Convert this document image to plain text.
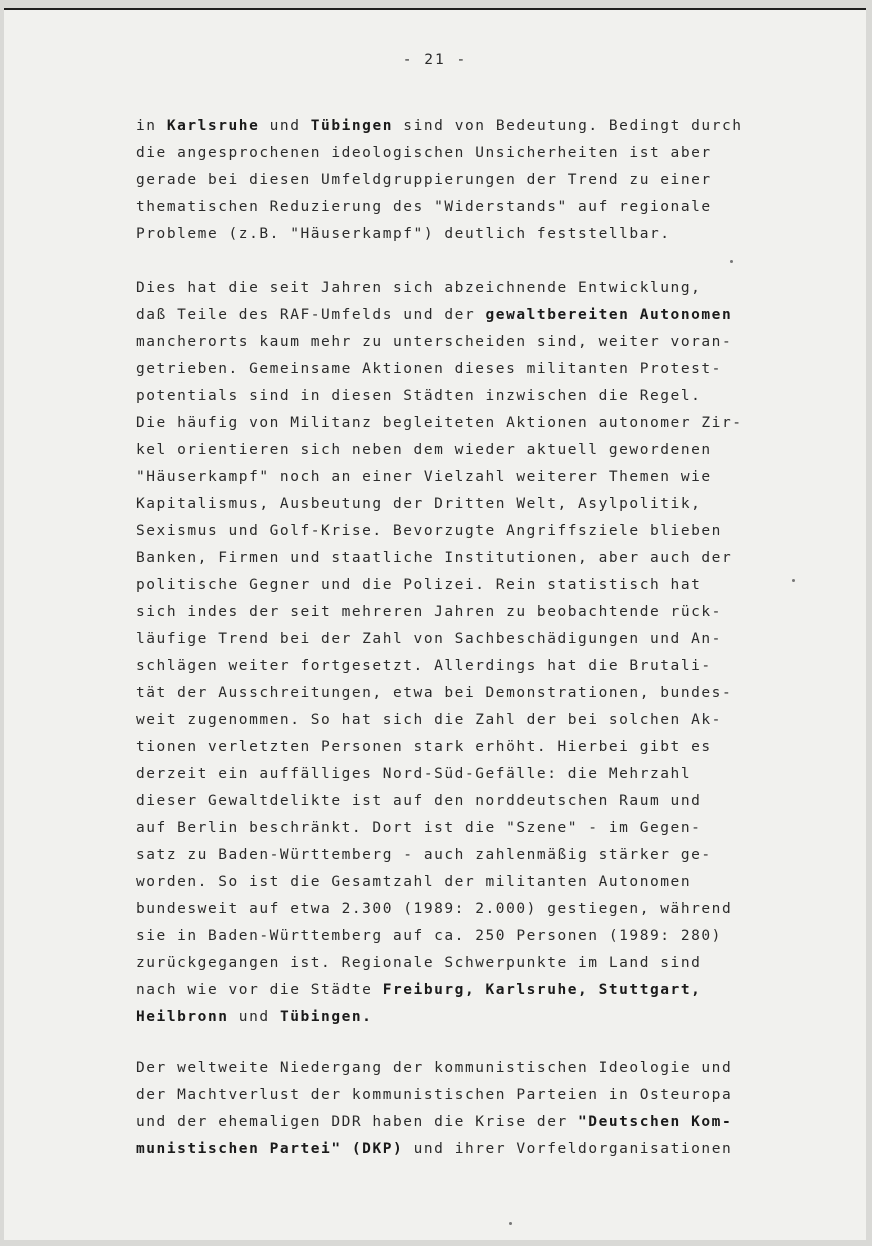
- 21 -
in Karlsruhe und Tübingen sind von Bedeutung. Bedingt durch
die angesprochenen ideologischen Unsicherheiten ist aber
gerade bei diesen Umfeldgruppierungen der Trend zu einer
thematischen Reduzierung des "Widerstands" auf regionale
Probleme (z.B. "Häuserkampf") deutlich feststellbar.
Dies hat die seit Jahren sich abzeichnende Entwicklung,
daß Teile des RAF-Umfelds und der gewaltbereiten Autonomen
mancherorts kaum mehr zu unterscheiden sind, weiter voran-
getrieben. Gemeinsame Aktionen dieses militanten Protest-
potentials sind in diesen Städten inzwischen die Regel.
Die häufig von Militanz begleiteten Aktionen autonomer Zir-
kel orientieren sich neben dem wieder aktuell gewordenen
"Häuserkampf" noch an einer Vielzahl weiterer Themen wie
Kapitalismus, Ausbeutung der Dritten Welt, Asylpolitik,
Sexismus und Golf-Krise. Bevorzugte Angriffsziele blieben
Banken, Firmen und staatliche Institutionen, aber auch der
politische Gegner und die Polizei. Rein statistisch hat
sich indes der seit mehreren Jahren zu beobachtende rück-
läufige Trend bei der Zahl von Sachbeschädigungen und An-
schlägen weiter fortgesetzt. Allerdings hat die Brutali-
tät der Ausschreitungen, etwa bei Demonstrationen, bundes-
weit zugenommen. So hat sich die Zahl der bei solchen Ak-
tionen verletzten Personen stark erhöht. Hierbei gibt es
derzeit ein auffälliges Nord-Süd-Gefälle: die Mehrzahl
dieser Gewaltdelikte ist auf den norddeutschen Raum und
auf Berlin beschränkt. Dort ist die "Szene" - im Gegen-
satz zu Baden-Württemberg - auch zahlenmäßig stärker ge-
worden. So ist die Gesamtzahl der militanten Autonomen
bundesweit auf etwa 2.300 (1989: 2.000) gestiegen, während
sie in Baden-Württemberg auf ca. 250 Personen (1989: 280)
zurückgegangen ist. Regionale Schwerpunkte im Land sind
nach wie vor die Städte Freiburg, Karlsruhe, Stuttgart,
Heilbronn und Tübingen.
Der weltweite Niedergang der kommunistischen Ideologie und
der Machtverlust der kommunistischen Parteien in Osteuropa
und der ehemaligen DDR haben die Krise der "Deutschen Kom-
munistischen Partei" (DKP) und ihrer Vorfeldorganisationen
